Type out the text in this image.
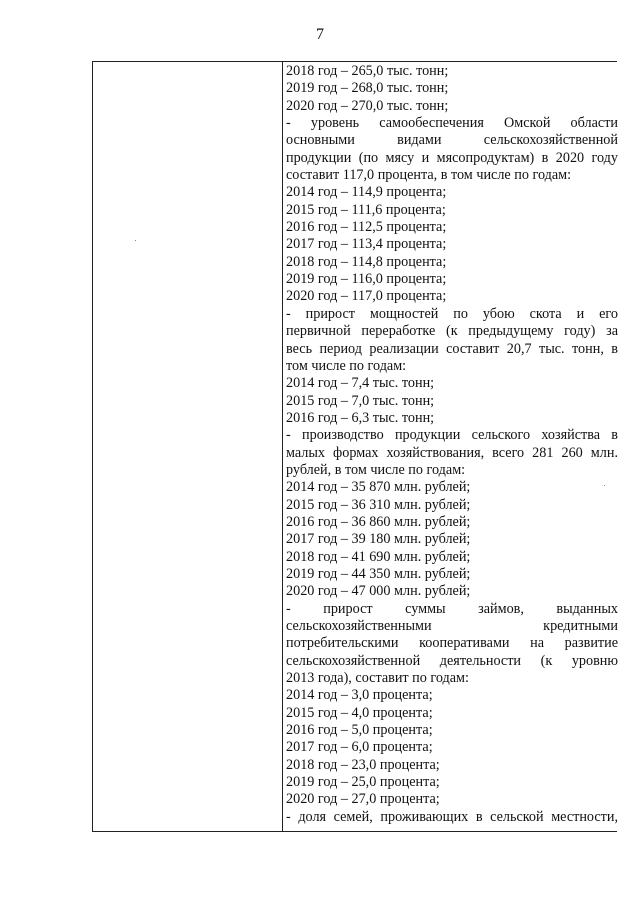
7
2018 год – 265,0 тыс. тонн;
2019 год – 268,0 тыс. тонн;
2020 год – 270,0 тыс. тонн;
- уровень самообеспечения Омской области
основными видами сельскохозяйственной
продукции (по мясу и мясопродуктам) в 2020 году
составит 117,0 процента, в том числе по годам:
2014 год – 114,9 процента;
2015 год – 111,6 процента;
2016 год – 112,5 процента;
2017 год – 113,4 процента;
2018 год – 114,8 процента;
2019 год – 116,0 процента;
2020 год – 117,0 процента;
- прирост мощностей по убою скота и его
первичной переработке (к предыдущему году) за
весь период реализации составит 20,7 тыс. тонн, в
том числе по годам:
2014 год – 7,4 тыс. тонн;
2015 год – 7,0 тыс. тонн;
2016 год – 6,3 тыс. тонн;
- производство продукции сельского хозяйства в
малых формах хозяйствования, всего 281 260 млн.
рублей, в том числе по годам:
2014 год – 35 870 млн. рублей;
2015 год – 36 310 млн. рублей;
2016 год – 36 860 млн. рублей;
2017 год – 39 180 млн. рублей;
2018 год – 41 690 млн. рублей;
2019 год – 44 350 млн. рублей;
2020 год – 47 000 млн. рублей;
- прирост суммы займов, выданных
сельскохозяйственными кредитными
потребительскими кооперативами на развитие
сельскохозяйственной деятельности (к уровню
2013 года), составит по годам:
2014 год – 3,0 процента;
2015 год – 4,0 процента;
2016 год – 5,0 процента;
2017 год – 6,0 процента;
2018 год – 23,0 процента;
2019 год – 25,0 процента;
2020 год – 27,0 процента;
- доля семей, проживающих в сельской местности,
